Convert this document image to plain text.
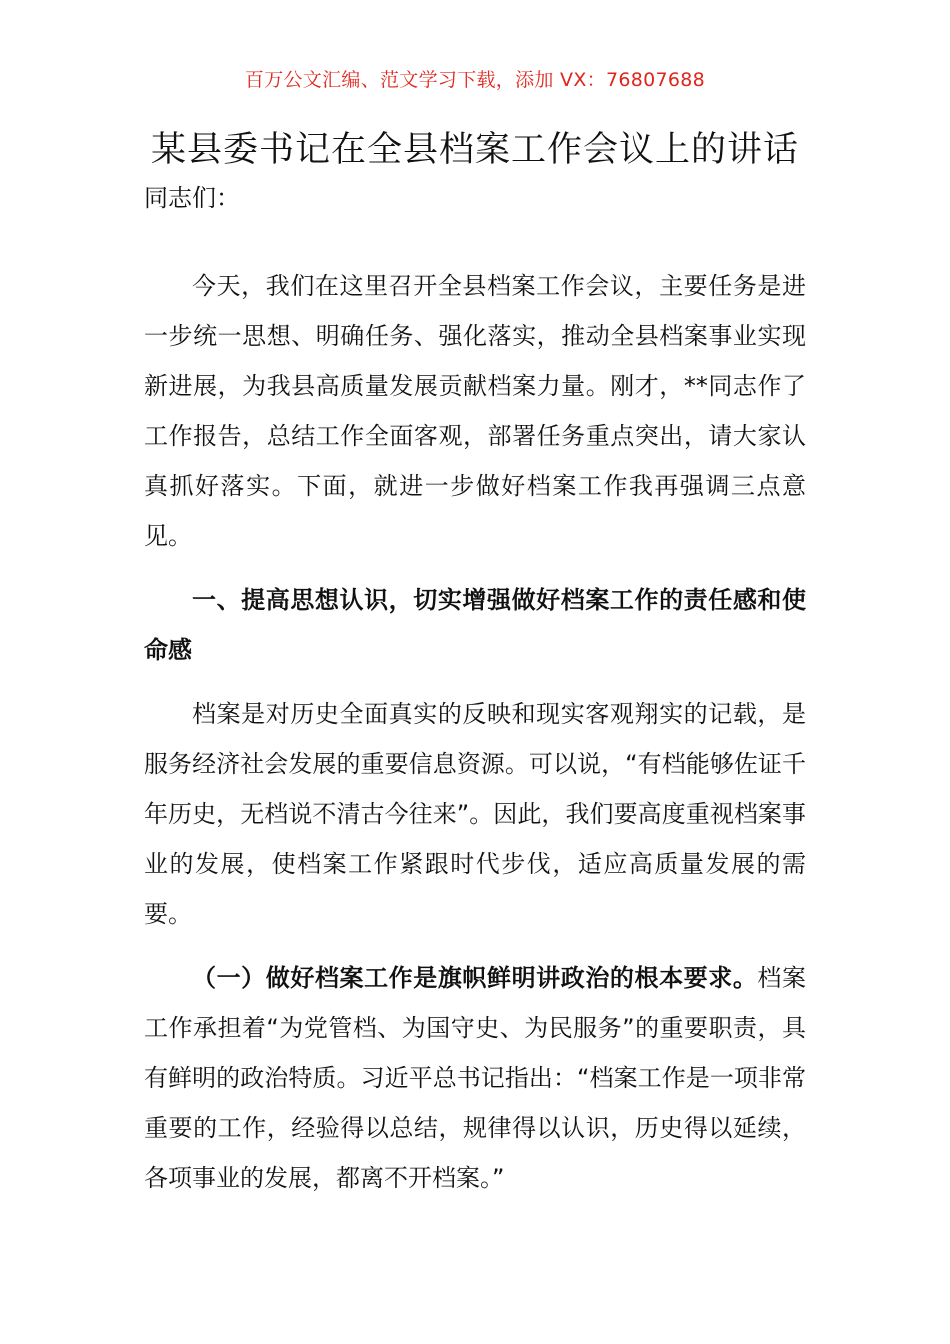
百万公文汇编、范文学习下载，添加 VX：76807688
某县委书记在全县档案工作会议上的讲话

同志们：

今天，我们在这里召开全县档案工作会议，主要任务是进一步统一思想、明确任务、强化落实，推动全县档案事业实现新进展，为我县高质量发展贡献档案力量。刚才，**同志作了工作报告，总结工作全面客观，部署任务重点突出，请大家认真抓好落实。下面，就进一步做好档案工作我再强调三点意见。

一、提高思想认识，切实增强做好档案工作的责任感和使命感

档案是对历史全面真实的反映和现实客观翔实的记载，是服务经济社会发展的重要信息资源。可以说，“有档能够佐证千年历史，无档说不清古今往来”。因此，我们要高度重视档案事业的发展，使档案工作紧跟时代步伐，适应高质量发展的需要。

（一）做好档案工作是旗帜鲜明讲政治的根本要求。档案工作承担着“为党管档、为国守史、为民服务”的重要职责，具有鲜明的政治特质。习近平总书记指出：“档案工作是一项非常重要的工作，经验得以总结，规律得以认识，历史得以延续，各项事业的发展，都离不开档案。”
